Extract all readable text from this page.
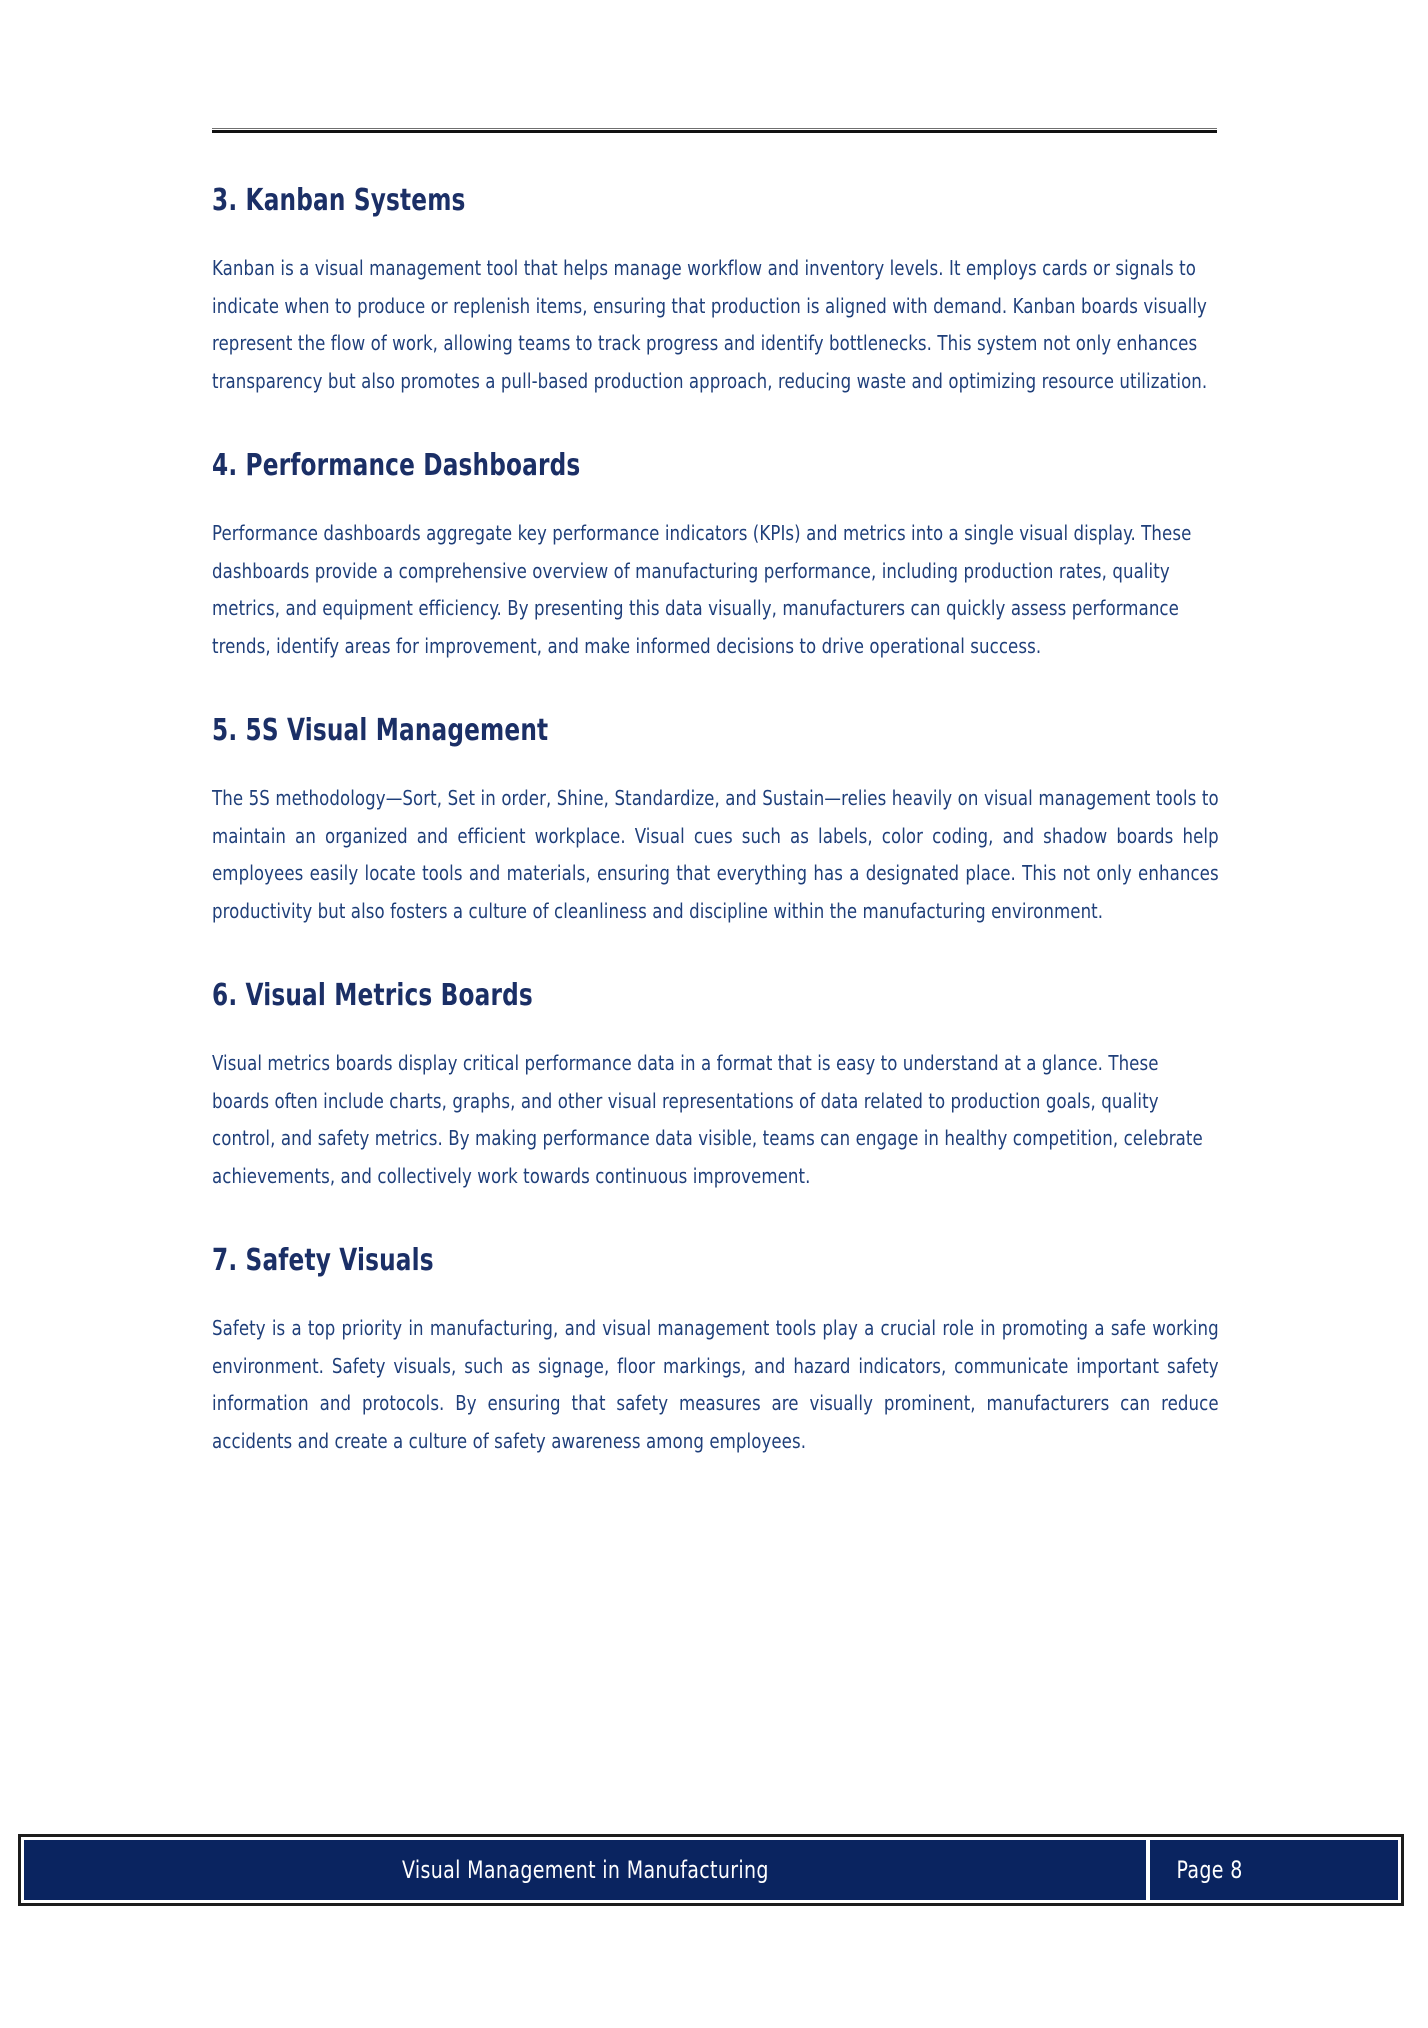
3. Kanban Systems

Kanban is a visual management tool that helps manage workflow and inventory levels. It employs cards or signals to indicate when to produce or replenish items, ensuring that production is aligned with demand. Kanban boards visually represent the flow of work, allowing teams to track progress and identify bottlenecks. This system not only enhances transparency but also promotes a pull-based production approach, reducing waste and optimizing resource utilization.

4. Performance Dashboards

Performance dashboards aggregate key performance indicators (KPIs) and metrics into a single visual display. These dashboards provide a comprehensive overview of manufacturing performance, including production rates, quality metrics, and equipment efficiency. By presenting this data visually, manufacturers can quickly assess performance trends, identify areas for improvement, and make informed decisions to drive operational success.

5. 5S Visual Management

The 5S methodology—Sort, Set in order, Shine, Standardize, and Sustain—relies heavily on visual management tools to maintain an organized and efficient workplace. Visual cues such as labels, color coding, and shadow boards help employees easily locate tools and materials, ensuring that everything has a designated place. This not only enhances productivity but also fosters a culture of cleanliness and discipline within the manufacturing environment.

6. Visual Metrics Boards

Visual metrics boards display critical performance data in a format that is easy to understand at a glance. These boards often include charts, graphs, and other visual representations of data related to production goals, quality control, and safety metrics. By making performance data visible, teams can engage in healthy competition, celebrate achievements, and collectively work towards continuous improvement.

7. Safety Visuals

Safety is a top priority in manufacturing, and visual management tools play a crucial role in promoting a safe working environment. Safety visuals, such as signage, floor markings, and hazard indicators, communicate important safety information and protocols. By ensuring that safety measures are visually prominent, manufacturers can reduce accidents and create a culture of safety awareness among employees.

Visual Management in Manufacturing	Page 8
